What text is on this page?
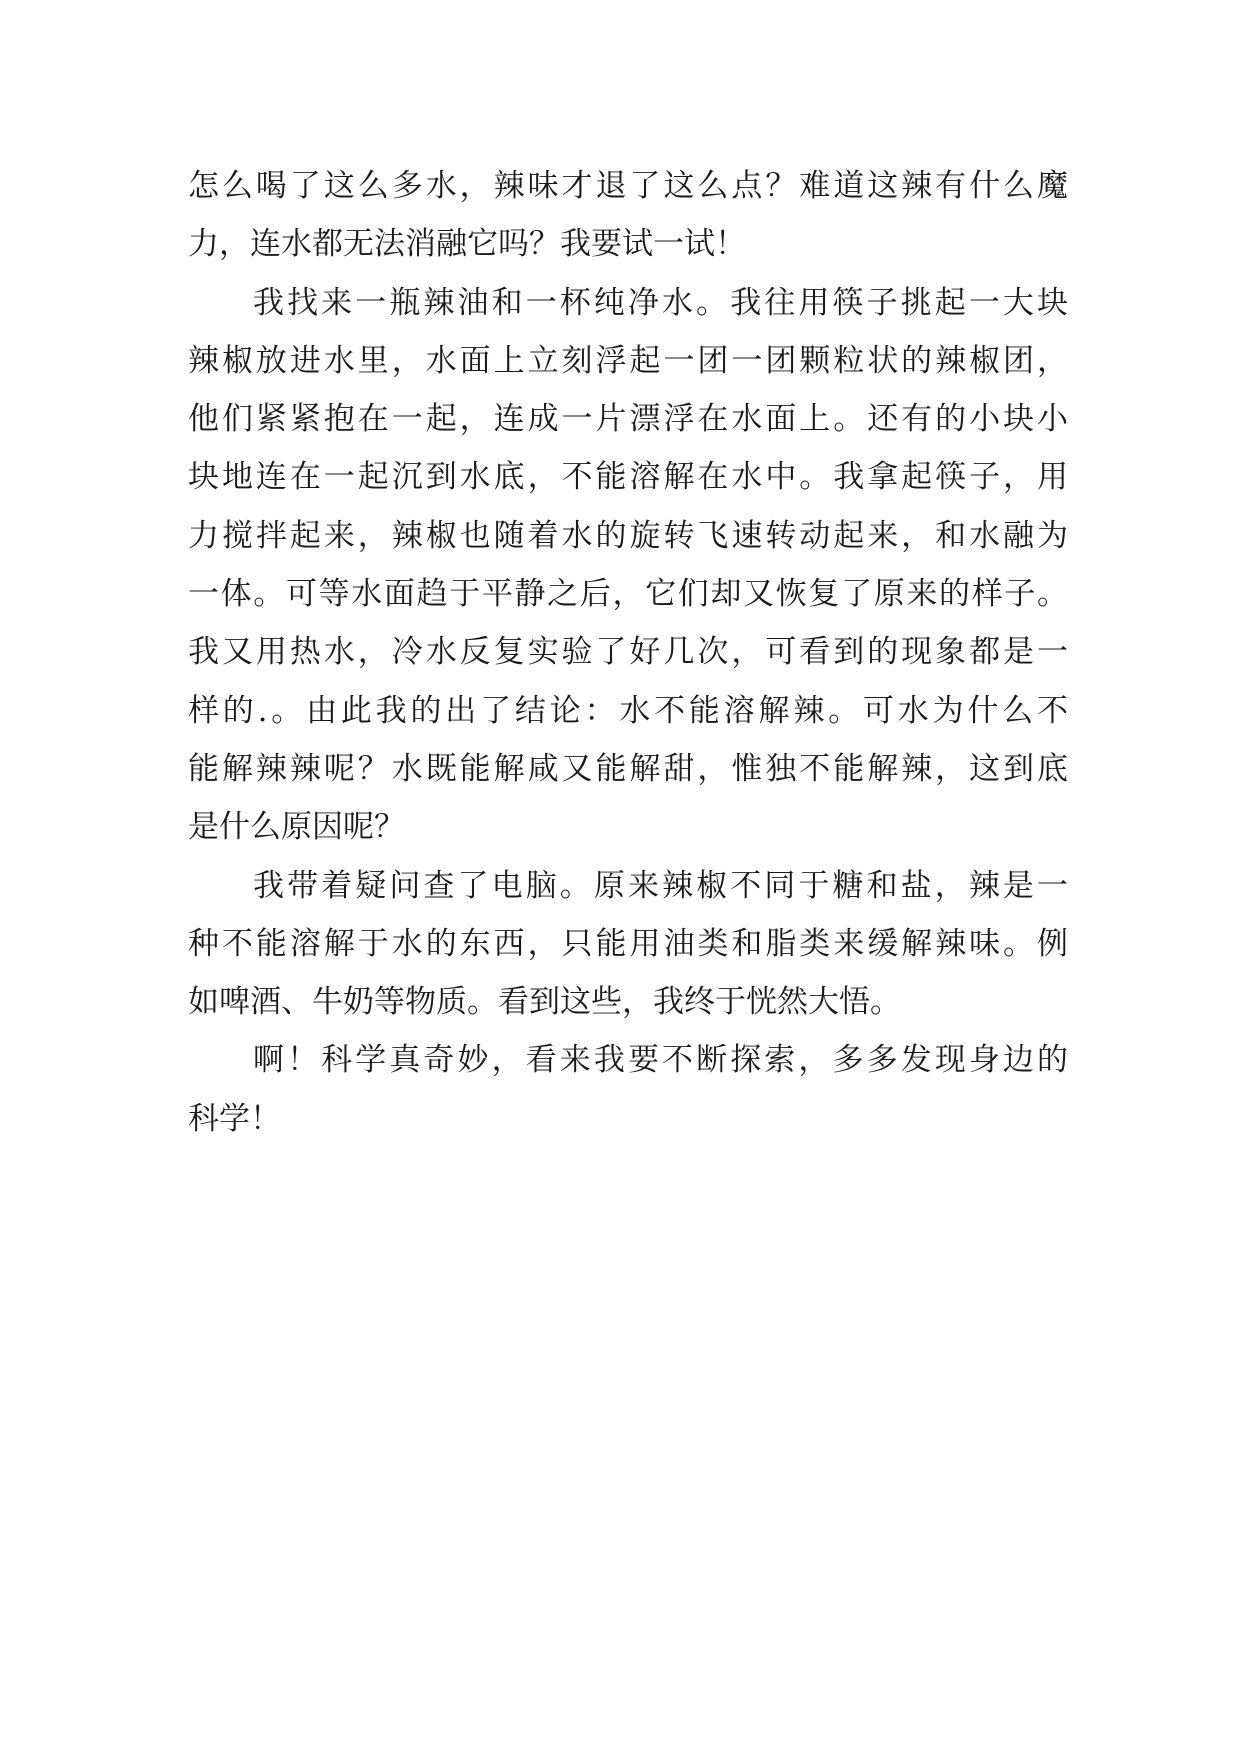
怎么喝了这么多水，辣味才退了这么点？难道这辣有什么魔
力，连水都无法消融它吗？我要试一试！
我找来一瓶辣油和一杯纯净水。我往用筷子挑起一大块
辣椒放进水里，水面上立刻浮起一团一团颗粒状的辣椒团，
他们紧紧抱在一起，连成一片漂浮在水面上。还有的小块小
块地连在一起沉到水底，不能溶解在水中。我拿起筷子，用
力搅拌起来，辣椒也随着水的旋转飞速转动起来，和水融为
一体。可等水面趋于平静之后，它们却又恢复了原来的样子。
我又用热水，冷水反复实验了好几次，可看到的现象都是一
样的.。由此我的出了结论：水不能溶解辣。可水为什么不
能解辣辣呢？水既能解咸又能解甜，惟独不能解辣，这到底
是什么原因呢？
我带着疑问查了电脑。原来辣椒不同于糖和盐，辣是一
种不能溶解于水的东西，只能用油类和脂类来缓解辣味。例
如啤酒、牛奶等物质。看到这些，我终于恍然大悟。
啊！科学真奇妙，看来我要不断探索，多多发现身边的
科学！
